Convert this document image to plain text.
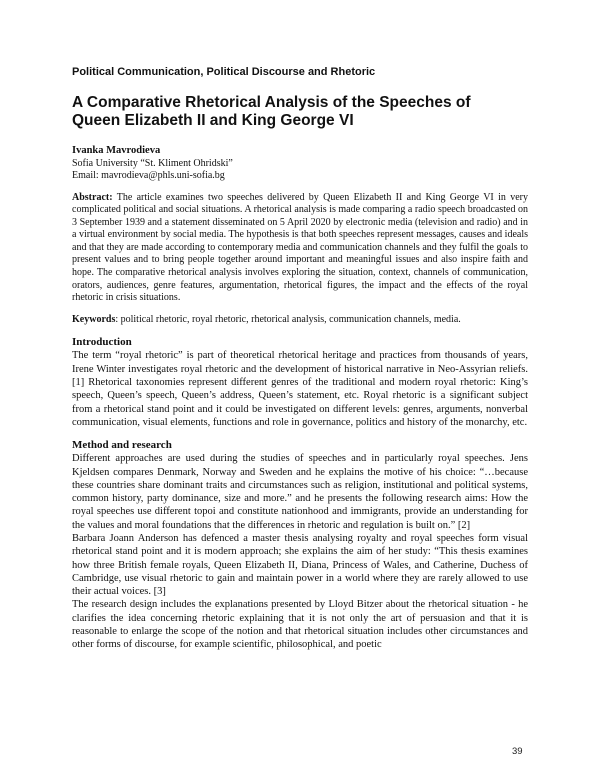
Political Communication, Political Discourse and Rhetoric

A Comparative Rhetorical Analysis of the Speeches of
Queen Elizabeth II and King George VI

Ivanka Mavrodieva

Sofia University “St. Kliment Ohridski”

Email: mavrodieva@phls.uni-sofia.bg

Abstract: The article examines two speeches delivered by Queen Elizabeth II and King George VI in very complicated political and social situations. A rhetorical analysis is made comparing a radio speech broadcasted on 3 September 1939 and a statement disseminated on 5 April 2020 by electronic media (television and radio) and in a virtual environment by social media. The hypothesis is that both speeches represent messages, causes and ideals and that they are made according to contemporary media and communication channels and they fulfil the goals to present values and to bring people together around important and meaningful issues and also inspire faith and hope. The comparative rhetorical analysis involves exploring the situation, context, channels of communication, orators, audiences, genre features, argumentation, rhetorical figures, the impact and the effects of the royal rhetoric in crisis situations.

Keywords: political rhetoric, royal rhetoric, rhetorical analysis, communication channels, media.

Introduction

The term “royal rhetoric” is part of theoretical rhetorical heritage and practices from thousands of years, Irene Winter investigates royal rhetoric and the development of historical narrative in Neo-Assyrian reliefs. [1] Rhetorical taxonomies represent different genres of the traditional and modern royal rhetoric: King’s speech, Queen’s speech, Queen’s address, Queen’s statement, etc. Royal rhetoric is a significant subject from a rhetorical stand point and it could be investigated on different levels: genres, arguments, nonverbal communication, visual elements, functions and role in governance, politics and history of the monarchy, etc.

Method and research

Different approaches are used during the studies of speeches and in particularly royal speeches. Jens Kjeldsen compares Denmark, Norway and Sweden and he explains the motive of his choice: “…because these countries share dominant traits and circumstances such as religion, institutional and political systems, common history, party dominance, size and more.” and he presents the following research aims: How the royal speeches use different topoi and constitute nationhood and immigrants, provide an understanding for the values and moral foundations that the differences in rhetoric and regulation is built on.” [2]

Barbara Joann Anderson has defenced a master thesis analysing royalty and royal speeches form visual rhetorical stand point and it is modern approach; she explains the aim of her study: “This thesis examines how three British female royals, Queen Elizabeth II, Diana, Princess of Wales, and Catherine, Duchess of Cambridge, use visual rhetoric to gain and maintain power in a world where they are rarely allowed to use their actual voices. [3]

The research design includes the explanations presented by Lloyd Bitzer about the rhetorical situation - he clarifies the idea concerning rhetoric explaining that it is not only the art of persuasion and that it is reasonable to enlarge the scope of the notion and that rhetorical situation includes other circumstances and other forms of discourse, for example scientific, philosophical, and poetic

39
